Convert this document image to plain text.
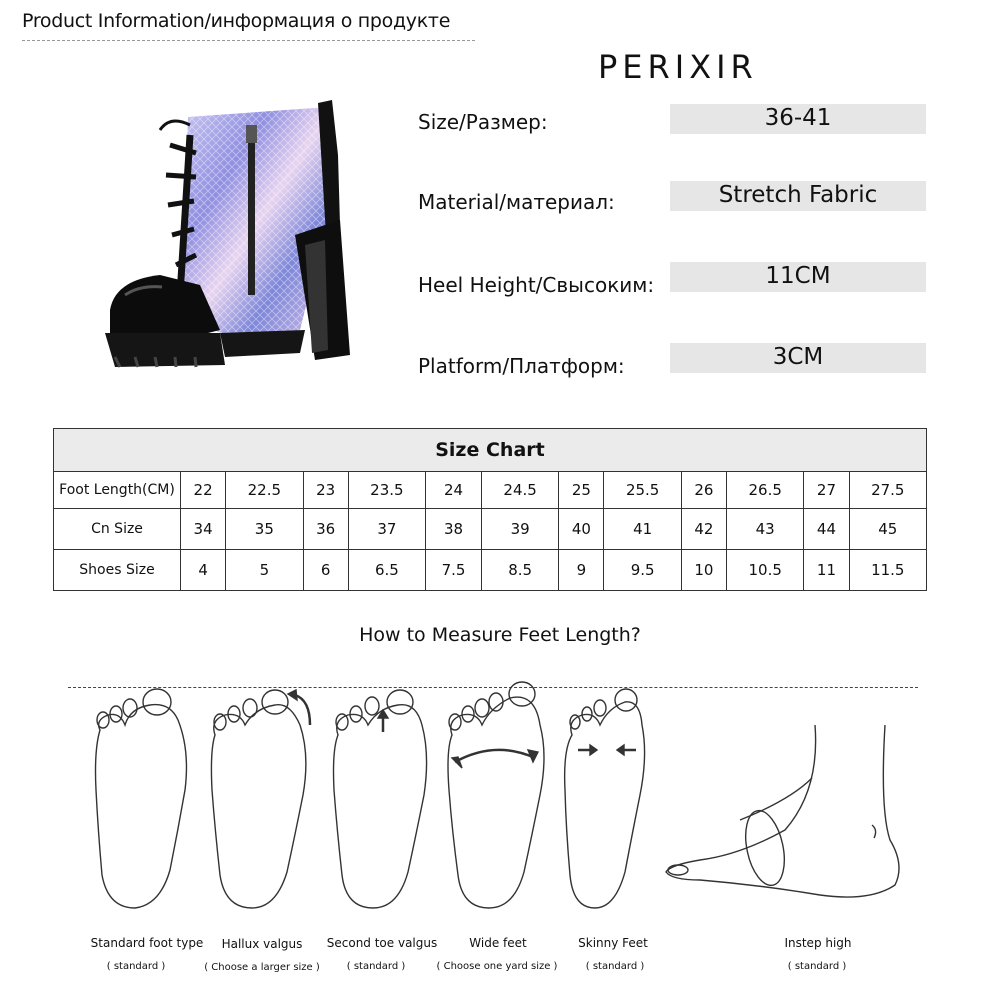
Product Information/информация о продукте
PERIXIR
Size/Размер:	36-41
Material/материал:	Stretch Fabric
Heel Height/Свысоким:	11CM
Platform/Платформ:	3CM
Size Chart												
Foot Length(CM)	22	22.5	23	23.5	24	24.5	25	25.5	26	26.5	27	27.5
Cn Size	34	35	36	37	38	39	40	41	42	43	44	45
Shoes Size	4	5	6	6.5	7.5	8.5	9	9.5	10	10.5	11	11.5
How to Measure Feet Length?
Standard foot type
( standard )
Hallux valgus
( Choose a larger size )
Second toe valgus
( standard )
Wide feet
( Choose one yard size )
Skinny Feet
( standard )
Instep high
( standard )
